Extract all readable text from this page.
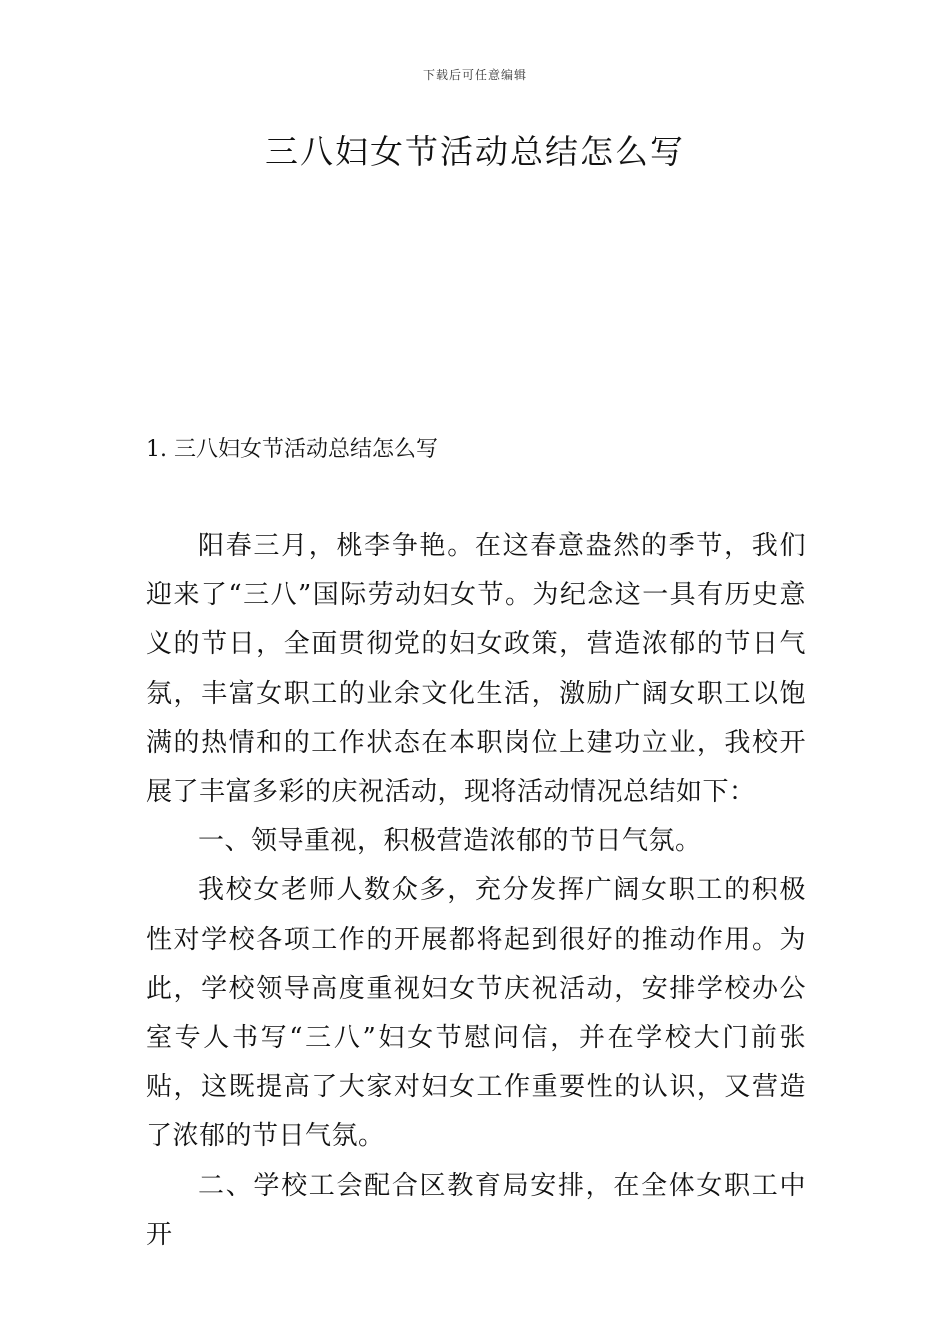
下载后可任意编辑
三八妇女节活动总结怎么写
1. 三八妇女节活动总结怎么写

阳春三月，桃李争艳。在这春意盎然的季节，我们迎来了“三八”国际劳动妇女节。为纪念这一具有历史意义的节日，全面贯彻党的妇女政策，营造浓郁的节日气氛，丰富女职工的业余文化生活，激励广阔女职工以饱满的热情和的工作状态在本职岗位上建功立业，我校开展了丰富多彩的庆祝活动，现将活动情况总结如下：

一、领导重视，积极营造浓郁的节日气氛。

我校女老师人数众多，充分发挥广阔女职工的积极性对学校各项工作的开展都将起到很好的推动作用。为此，学校领导高度重视妇女节庆祝活动，安排学校办公室专人书写“三八”妇女节慰问信，并在学校大门前张贴，这既提高了大家对妇女工作重要性的认识，又营造了浓郁的节日气氛。

二、学校工会配合区教育局安排，在全体女职工中开
